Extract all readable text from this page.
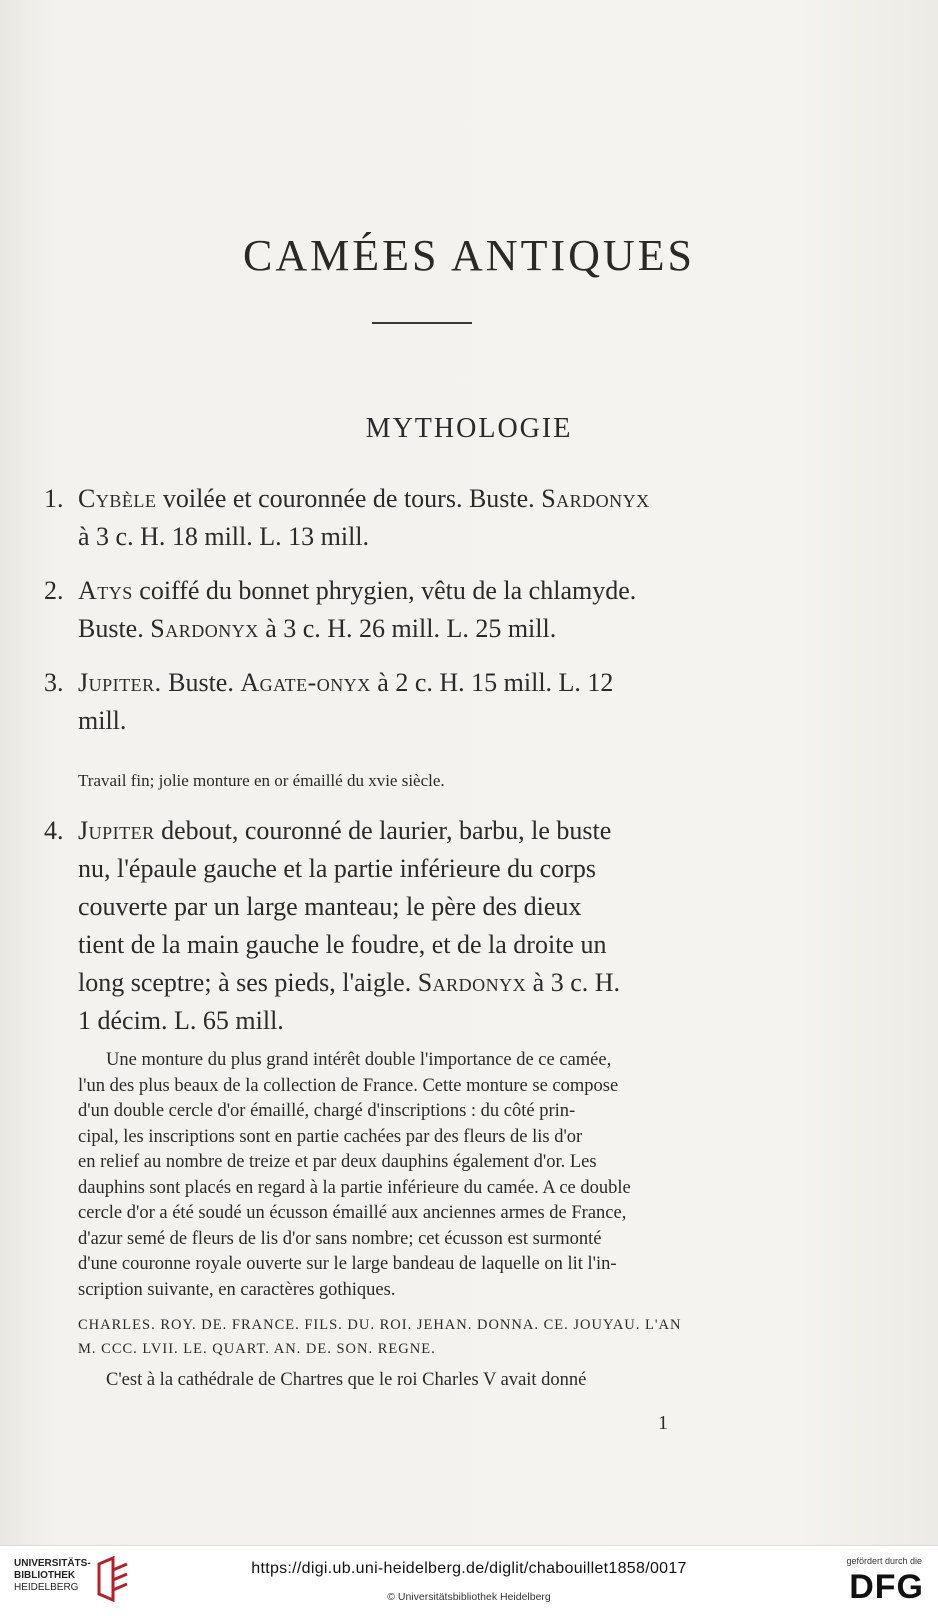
CAMÉES ANTIQUES
MYTHOLOGIE
1. Cybèle voilée et couronnée de tours. Buste. Sardonyx
à 3 c. H. 18 mill. L. 13 mill.
2. Atys coiffé du bonnet phrygien, vêtu de la chlamyde.
Buste. Sardonyx à 3 c. H. 26 mill. L. 25 mill.
3. Jupiter. Buste. Agate-onyx à 2 c. H. 15 mill. L. 12
mill.
Travail fin; jolie monture en or émaillé du xvie siècle.
4. Jupiter debout, couronné de laurier, barbu, le buste
nu, l'épaule gauche et la partie inférieure du corps
couverte par un large manteau; le père des dieux
tient de la main gauche le foudre, et de la droite un
long sceptre; à ses pieds, l'aigle. Sardonyx à 3 c. H.
1 décim. L. 65 mill.
Une monture du plus grand intérêt double l'importance de ce camée,
l'un des plus beaux de la collection de France. Cette monture se compose
d'un double cercle d'or émaillé, chargé d'inscriptions : du côté prin-
cipal, les inscriptions sont en partie cachées par des fleurs de lis d'or
en relief au nombre de treize et par deux dauphins également d'or. Les
dauphins sont placés en regard à la partie inférieure du camée. A ce double
cercle d'or a été soudé un écusson émaillé aux anciennes armes de France,
d'azur semé de fleurs de lis d'or sans nombre; cet écusson est surmonté
d'une couronne royale ouverte sur le large bandeau de laquelle on lit l'in-
scription suivante, en caractères gothiques.
CHARLES. ROY. DE. FRANCE. FILS. DU. ROI. JEHAN. DONNA. CE. JOUYAU. L'AN
M. CCC. LVII. LE. QUART. AN. DE. SON. REGNE.
C'est à la cathédrale de Chartres que le roi Charles V avait donné
1
UNIVERSITÄTS-
BIBLIOTHEK
HEIDELBERG
https://digi.ub.uni-heidelberg.de/diglit/chabouillet1858/0017
© Universitätsbibliothek Heidelberg
gefördert durch die
DFG
